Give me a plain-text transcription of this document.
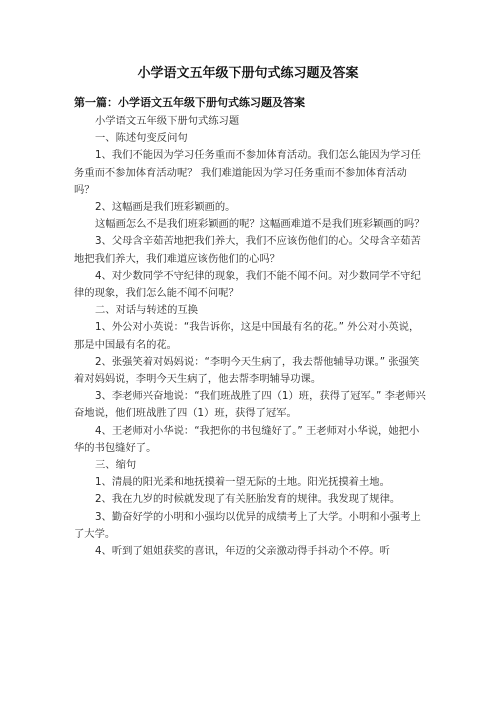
小学语文五年级下册句式练习题及答案
第一篇：小学语文五年级下册句式练习题及答案

小学语文五年级下册句式练习题

一、陈述句变反问句

1、我们不能因为学习任务重而不参加体育活动。我们怎么能因为学习任务重而不参加体育活动呢？ 我们难道能因为学习任务重而不参加体育活动吗？

2、这幅画是我们班彩颖画的。

这幅画怎么不是我们班彩颖画的呢？这幅画难道不是我们班彩颖画的吗？

3、父母含辛茹苦地把我们养大，我们不应该伤他们的心。父母含辛茹苦地把我们养大，我们难道应该伤他们的心吗？

4、对少数同学不守纪律的现象，我们不能不闻不问。对少数同学不守纪律的现象，我们怎么能不闻不问呢？

二、对话与转述的互换

1、外公对小英说：“我告诉你，这是中国最有名的花。” 外公对小英说，那是中国最有名的花。

2、张强笑着对妈妈说：“李明今天生病了，我去帮他辅导功课。” 张强笑着对妈妈说，李明今天生病了，他去帮李明辅导功课。

3、李老师兴奋地说：“我们班战胜了四（1）班，获得了冠军。” 李老师兴奋地说，他们班战胜了四（1）班，获得了冠军。

4、王老师对小华说：“我把你的书包缝好了。” 王老师对小华说，她把小华的书包缝好了。

三、缩句

1、清晨的阳光柔和地抚摸着一望无际的土地。阳光抚摸着土地。

2、我在九岁的时候就发现了有关胚胎发育的规律。我发现了规律。

3、勤奋好学的小明和小强均以优异的成绩考上了大学。小明和小强考上了大学。

4、听到了姐姐获奖的喜讯，年迈的父亲激动得手抖动个不停。听
